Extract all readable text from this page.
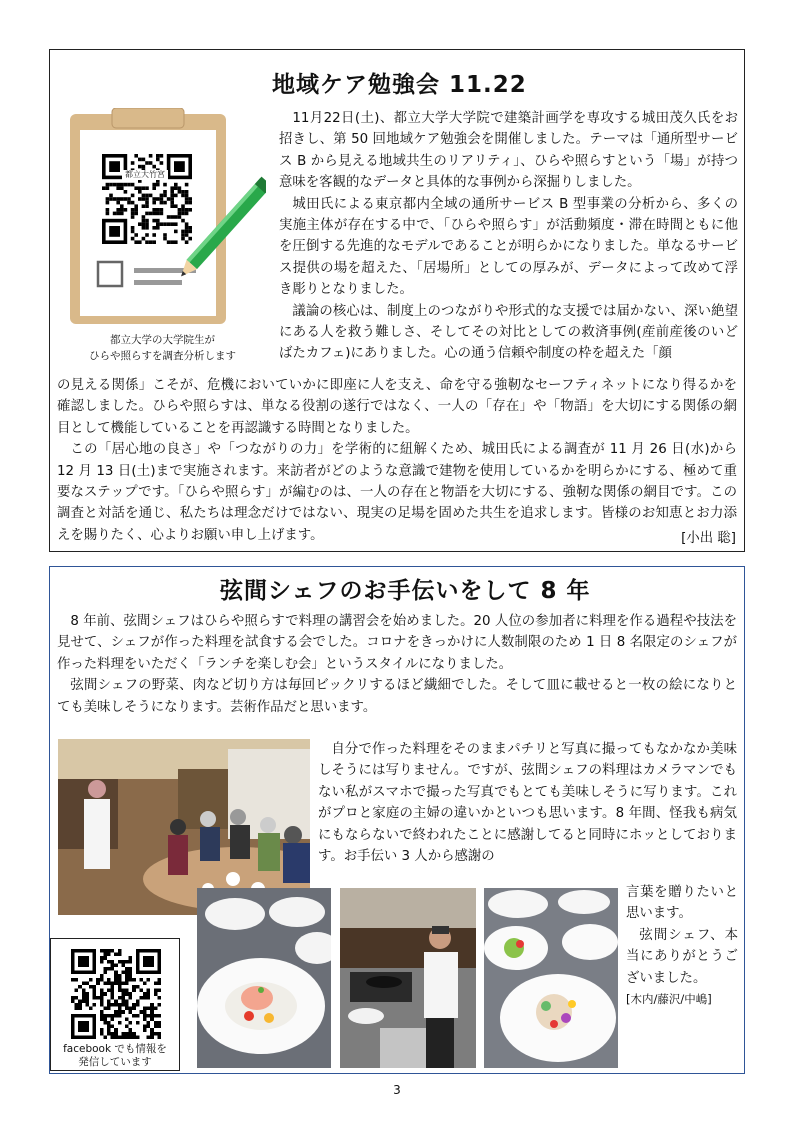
地域ケア勉強会 11.22
都立大竹宮
都立大学の大学院生が
ひらや照らすを調査分析します

11月22日(土)、都立大学大学院で建築計画学を専攻する城田茂久氏をお招きし、第 50 回地域ケア勉強会を開催しました。テーマは「通所型サービス B から見える地域共生のリアリティ」、ひらや照らすという「場」が持つ意味を客観的なデータと具体的な事例から深掘りしました。

城田氏による東京都内全域の通所サービス B 型事業の分析から、多くの実施主体が存在する中で、「ひらや照らす」が活動頻度・滞在時間ともに他を圧倒する先進的なモデルであることが明らかになりました。単なるサービス提供の場を超えた、「居場所」としての厚みが、データによって改めて浮き彫りとなりました。

議論の核心は、制度上のつながりや形式的な支援では届かない、深い絶望にある人を救う難しさ、そしてその対比としての救済事例(産前産後のいどばたカフェ)にありました。心の通う信頼や制度の枠を超えた「顔

の見える関係」こそが、危機においていかに即座に人を支え、命を守る強靭なセーフティネットになり得るかを確認しました。ひらや照らすは、単なる役割の遂行ではなく、一人の「存在」や「物語」を大切にする関係の網目として機能していることを再認識する時間となりました。

この「居心地の良さ」や「つながりの力」を学術的に紐解くため、城田氏による調査が 11 月 26 日(水)から 12 月 13 日(土)まで実施されます。来訪者がどのような意識で建物を使用しているかを明らかにする、極めて重要なステップです。「ひらや照らす」が編むのは、一人の存在と物語を大切にする、強靭な関係の網目です。この調査と対話を通じ、私たちは理念だけではない、現実の足場を固めた共生を追求します。皆様のお知恵とお力添えを賜りたく、心よりお願い申し上げます。	[小出 聡]
弦間シェフのお手伝いをして 8 年

8 年前、弦間シェフはひらや照らすで料理の講習会を始めました。20 人位の参加者に料理を作る過程や技法を見せて、シェフが作った料理を試食する会でした。コロナをきっかけに人数制限のため 1 日 8 名限定のシェフが作った料理をいただく「ランチを楽しむ会」というスタイルになりました。

弦間シェフの野菜、肉など切り方は毎回ビックリするほど繊細でした。そして皿に載せると一枚の絵になりとても美味しそうになります。芸術作品だと思います。

自分で作った料理をそのままパチリと写真に撮ってもなかなか美味しそうには写りません。ですが、弦間シェフの料理はカメラマンでもない私がスマホで撮った写真でもとても美味しそうに写ります。これがプロと家庭の主婦の違いかといつも思います。8 年間、怪我も病気にもならないで終われたことに感謝してると同時にホッとしております。お手伝い 3 人から感謝の

言葉を贈りたいと思います。

弦間シェフ、本当にありがとうございました。

[木内/藤沢/中嶋]

facebook でも情報を
発信しています
3
